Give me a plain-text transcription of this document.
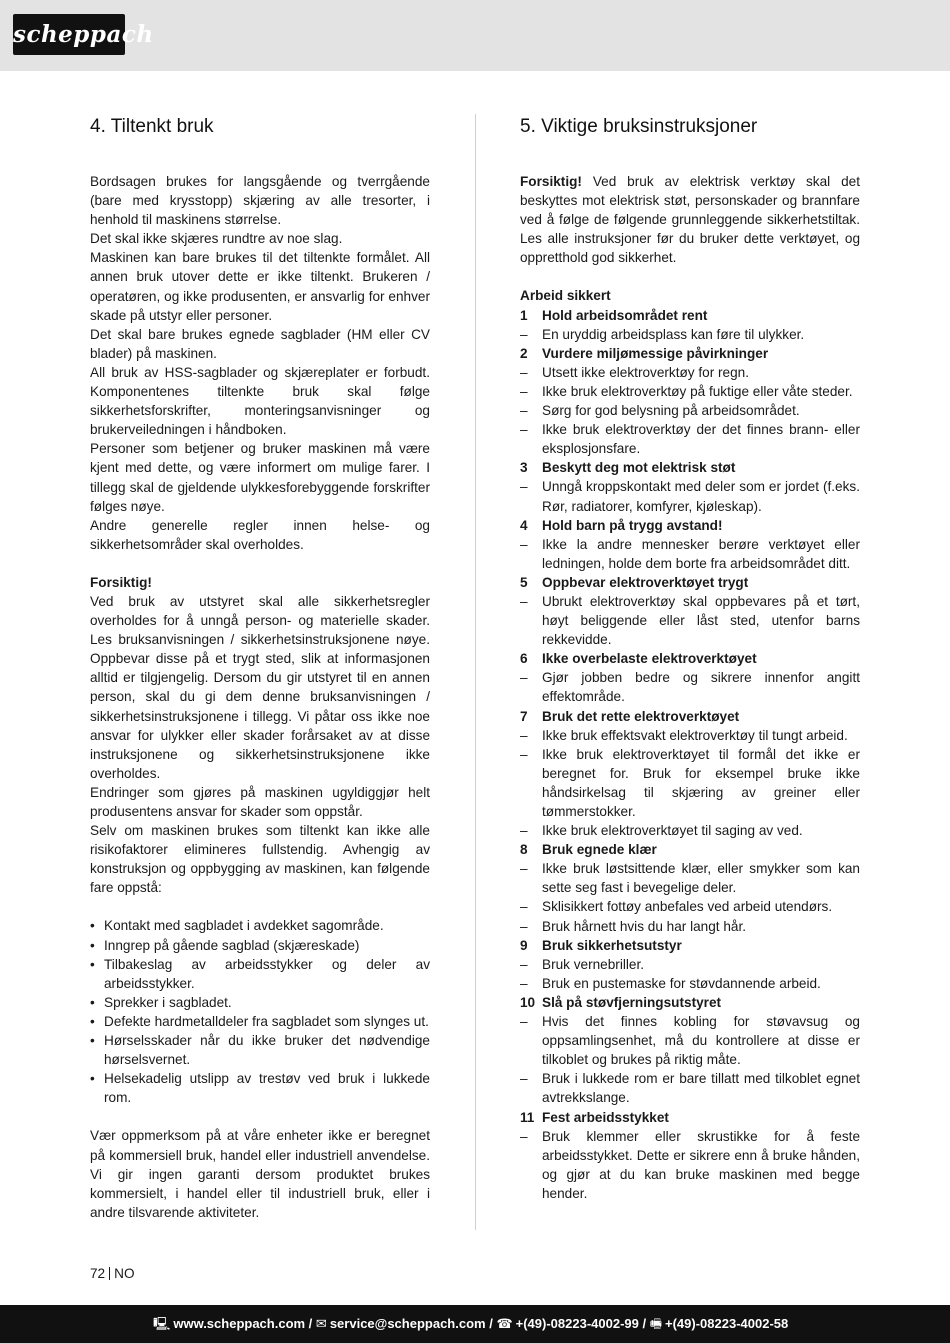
scheppach
4. Tiltenkt bruk

Bordsagen brukes for langsgående og tverrgående (bare med krysstopp) skjæring av alle tresorter, i henhold til maskinens størrelse.

Det skal ikke skjæres rundtre av noe slag.

Maskinen kan bare brukes til det tiltenkte formålet. All annen bruk utover dette er ikke tiltenkt. Brukeren / operatøren, og ikke produsenten, er ansvarlig for enhver skade på utstyr eller personer.

Det skal bare brukes egnede sagblader (HM eller CV blader) på maskinen.

All bruk av HSS-sagblader og skjæreplater er forbudt. Komponentenes tiltenkte bruk skal følge sikkerhetsforskrifter, monteringsanvisninger og brukerveiledningen i håndboken.

Personer som betjener og bruker maskinen må være kjent med dette, og være informert om mulige farer. I tillegg skal de gjeldende ulykkesforebyggende forskrifter følges nøye.

Andre generelle regler innen helse- og sikkerhetsområder skal overholdes.

Forsiktig!

Ved bruk av utstyret skal alle sikkerhetsregler overholdes for å unngå person- og materielle skader. Les bruksanvisningen / sikkerhetsinstruksjonene nøye. Oppbevar disse på et trygt sted, slik at informasjonen alltid er tilgjengelig. Dersom du gir utstyret til en annen person, skal du gi dem denne bruksanvisningen / sikkerhetsinstruksjonene i tillegg. Vi påtar oss ikke noe ansvar for ulykker eller skader forårsaket av at disse instruksjonene og sikkerhetsinstruksjonene ikke overholdes.

Endringer som gjøres på maskinen ugyldiggjør helt produsentens ansvar for skader som oppstår.

Selv om maskinen brukes som tiltenkt kan ikke alle risikofaktorer elimineres fullstendig. Avhengig av konstruksjon og oppbygging av maskinen, kan følgende fare oppstå:

• Kontakt med sagbladet i avdekket sagområde.
• Inngrep på gående sagblad (skjæreskade)
• Tilbakeslag av arbeidsstykker og deler av arbeidsstykker.
• Sprekker i sagbladet.
• Defekte hardmetalldeler fra sagbladet som slynges ut.
• Hørselsskader når du ikke bruker det nødvendige hørselsvernet.
• Helsekadelig utslipp av trestøv ved bruk i lukkede rom.

Vær oppmerksom på at våre enheter ikke er beregnet på kommersiell bruk, handel eller industriell anvendelse. Vi gir ingen garanti dersom produktet brukes kommersielt, i handel eller til industriell bruk, eller i andre tilsvarende aktiviteter.

5. Viktige bruksinstruksjoner

Forsiktig! Ved bruk av elektrisk verktøy skal det beskyttes mot elektrisk støt, personskader og brannfare ved å følge de følgende grunnleggende sikkerhetstiltak. Les alle instruksjoner før du bruker dette verktøyet, og oppretthold god sikkerhet.

Arbeid sikkert

1	Hold arbeidsområdet rent
–	En uryddig arbeidsplass kan føre til ulykker.
2	Vurdere miljømessige påvirkninger
–	Utsett ikke elektroverktøy for regn.
–	Ikke bruk elektroverktøy på fuktige eller våte steder.
–	Sørg for god belysning på arbeidsområdet.
–	Ikke bruk elektroverktøy der det finnes brann- eller eksplosjonsfare.
3	Beskytt deg mot elektrisk støt
–	Unngå kroppskontakt med deler som er jordet (f.eks. Rør, radiatorer, komfyrer, kjøleskap).
4	Hold barn på trygg avstand!
–	Ikke la andre mennesker berøre verktøyet eller ledningen, holde dem borte fra arbeidsområdet ditt.
5	Oppbevar elektroverktøyet trygt
–	Ubrukt elektroverktøy skal oppbevares på et tørt, høyt beliggende eller låst sted, utenfor barns rekkevidde.
6	Ikke overbelaste elektroverktøyet
–	Gjør jobben bedre og sikrere innenfor angitt effektområde.
7	Bruk det rette elektroverktøyet
–	Ikke bruk effektsvakt elektroverktøy til tungt arbeid.
–	Ikke bruk elektroverktøyet til formål det ikke er beregnet for. Bruk for eksempel bruke ikke håndsirkelsag til skjæring av greiner eller tømmerstokker.
–	Ikke bruk elektroverktøyet til saging av ved.
8	Bruk egnede klær
–	Ikke bruk løstsittende klær, eller smykker som kan sette seg fast i bevegelige deler.
–	Sklisikkert fottøy anbefales ved arbeid utendørs.
–	Bruk hårnett hvis du har langt hår.
9	Bruk sikkerhetsutstyr
–	Bruk vernebriller.
–	Bruk en pustemaske for støvdannende arbeid.
10 Slå på støvfjerningsutstyret
–	Hvis det finnes kobling for støvavsug og oppsamlingsenhet, må du kontrollere at disse er tilkoblet og brukes på riktig måte.
–	Bruk i lukkede rom er bare tillatt med tilkoblet egnet avtrekkslange.
11 Fest arbeidsstykket
–	Bruk klemmer eller skrustikke for å feste arbeidsstykket. Dette er sikrere enn å bruke hånden, og gjør at du kan bruke maskinen med begge hender.
72 NO
🖳 www.scheppach.com / ✉ service@scheppach.com / ☎ +(49)-08223-4002-99 / 🖷 +(49)-08223-4002-58
